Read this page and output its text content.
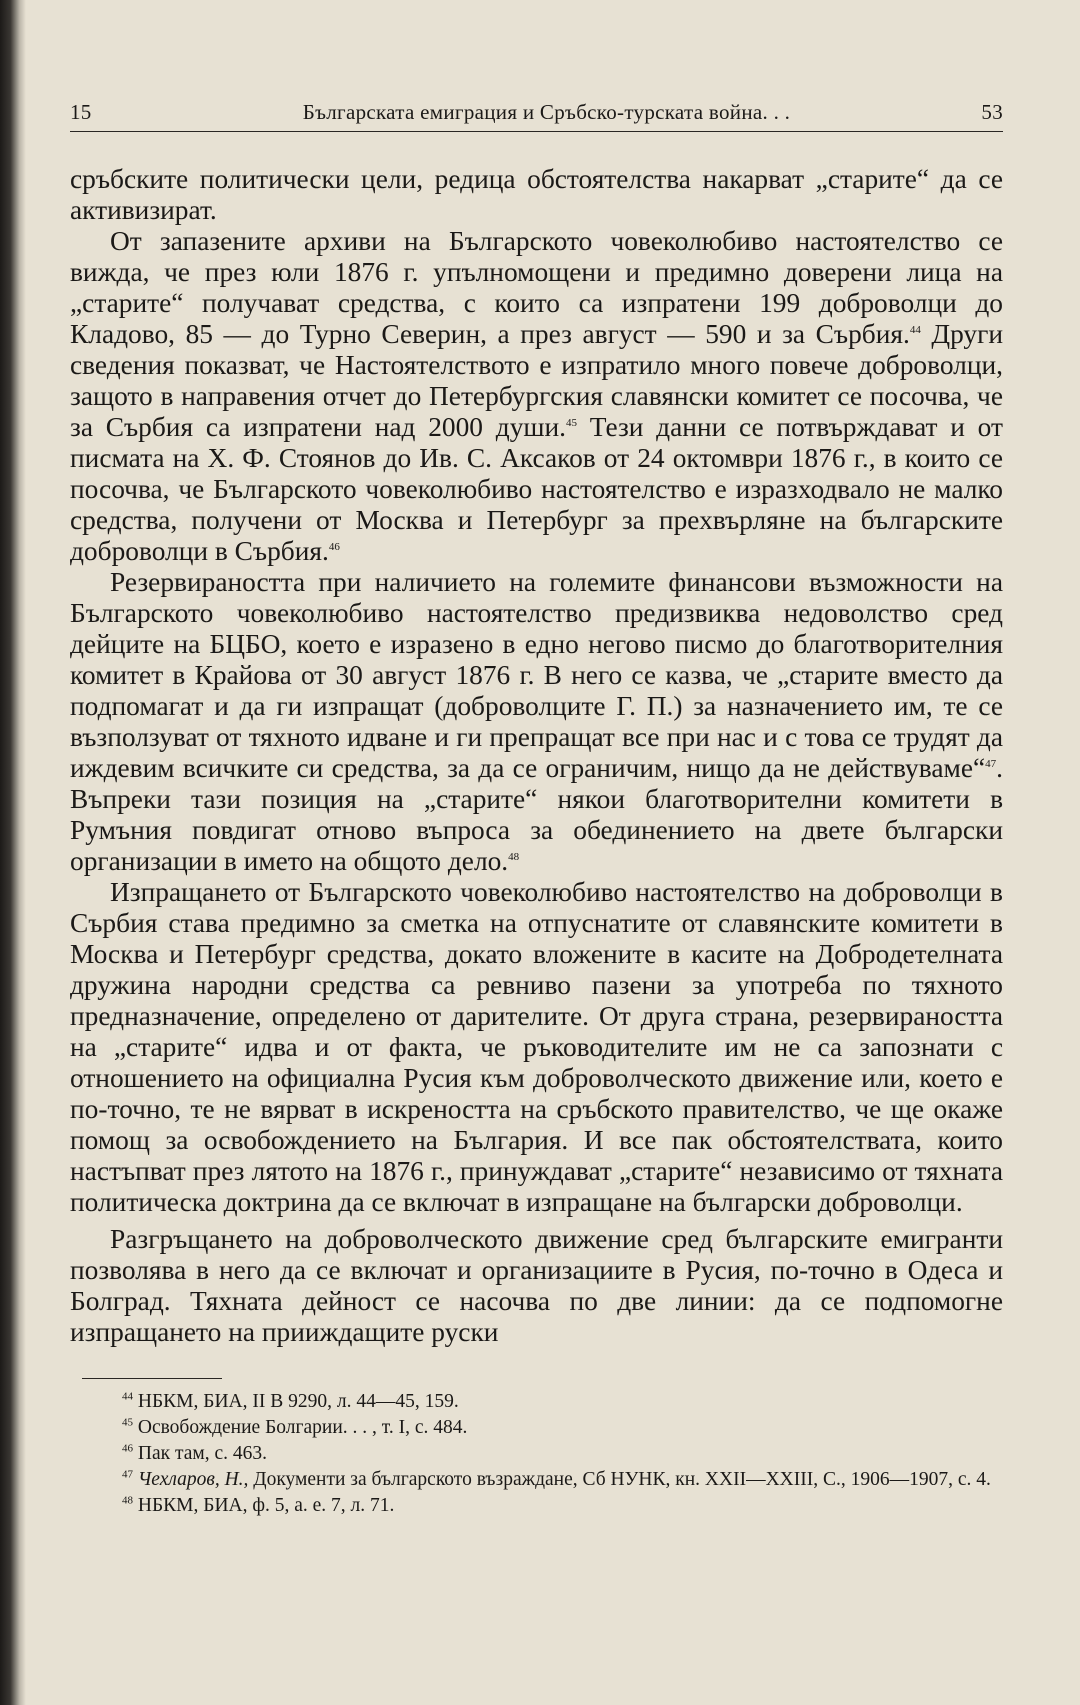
15	Българската емиграция и Сръбско-турската война. . .	53

сръбските политически цели, редица обстоятелства накарват „старите“ да се активизират.

От запазените архиви на Българското човеколюбиво настоятелство се вижда, че през юли 1876 г. упълномощени и предимно доверени лица на „старите“ получават средства, с които са изпратени 199 доброволци до Кладово, 85 — до Турно Северин, а през август — 590 и за Сърбия.$^{44}$ Други сведения показват, че Настоятелството е изпратило много повече доброволци, защото в направения отчет до Петербургския славянски комитет се посочва, че за Сърбия са изпратени над 2000 души.$^{45}$ Тези данни се потвърждават и от писмата на Х. Ф. Стоянов до Ив. С. Аксаков от 24 октомври 1876 г., в които се посочва, че Българското човеколюбиво настоятелство е изразходвало не малко средства, получени от Москва и Петербург за прехвърляне на българските доброволци в Сърбия.$^{46}$

Резервираността при наличието на големите финансови възможности на Българското човеколюбиво настоятелство предизвиква недоволство сред дейците на БЦБО, което е изразено в едно негово писмо до благотворителния комитет в Крайова от 30 август 1876 г. В него се казва, че „старите вместо да подпомагат и да ги изпращат (доброволците Г. П.) за назначението им, те се възползуват от тяхното идване и ги препращат все при нас и с това се трудят да иждевим всичките си средства, за да се ограничим, нищо да не действуваме“$^{47}$. Въпреки тази позиция на „старите“ някои благотворителни комитети в Румъния повдигат отново въпроса за обединението на двете български организации в името на общото дело.$^{48}$

Изпращането от Българското човеколюбиво настоятелство на доброволци в Сърбия става предимно за сметка на отпуснатите от славянските комитети в Москва и Петербург средства, докато вложените в касите на Добродетелната дружина народни средства са ревниво пазени за употреба по тяхното предназначение, определено от дарителите. От друга страна, резервираността на „старите“ идва и от факта, че ръководителите им не са запознати с отношението на официална Русия към доброволческото движение или, което е по-точно, те не вярват в искреността на сръбското правителство, че ще окаже помощ за освобождението на България. И все пак обстоятелствата, които настъпват през лятото на 1876 г., принуждават „старите“ независимо от тяхната политическа доктрина да се включат в изпращане на български доброволци.

Разгръщането на доброволческото движение сред българските емигранти позволява в него да се включат и организациите в Русия, по-точно в Одеса и Болград. Тяхната дейност се насочва по две линии: да се подпомогне изпращането на прииждащите руски

$^{44}$ НБКМ, БИА, II В 9290, л. 44—45, 159.

$^{45}$ Освобождение Болгарии. . . , т. I, с. 484.

$^{46}$ Пак там, с. 463.

$^{47}$ Чехларов, Н., Документи за българското възраждане, Сб НУНК, кн. XXII—XXIII, С., 1906—1907, с. 4.

$^{48}$ НБКМ, БИА, ф. 5, а. е. 7, л. 71.
